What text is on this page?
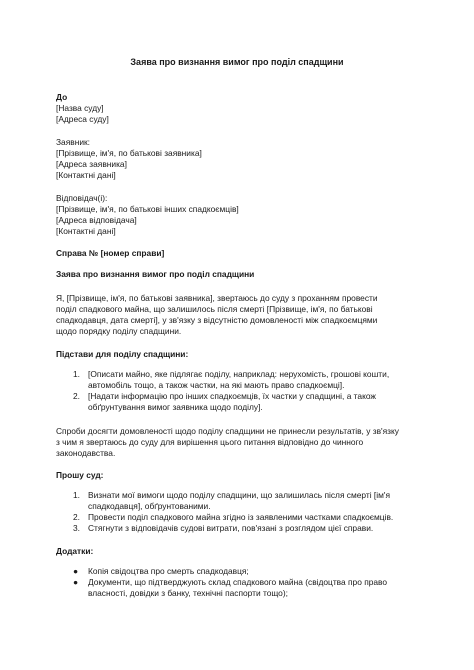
Заява про визнання вимог про поділ спадщини
До
[Назва суду]
[Адреса суду]
Заявник:
[Прізвище, ім'я, по батькові заявника]
[Адреса заявника]
[Контактні дані]
Відповідач(і):
[Прізвище, ім'я, по батькові інших спадкоємців]
[Адреса відповідача]
[Контактні дані]
Справа № [номер справи]
Заява про визнання вимог про поділ спадщини
Я, [Прізвище, ім'я, по батькові заявника], звертаюсь до суду з проханням провести
поділ спадкового майна, що залишилось після смерті [Прізвище, ім'я, по батькові
спадкодавця, дата смерті], у зв'язку з відсутністю домовленості між спадкоємцями
щодо порядку поділу спадщини.
Підстави для поділу спадщини:
1. [Описати майно, яке підлягає поділу, наприклад: нерухомість, грошові кошти,
автомобіль тощо, а також частки, на які мають право спадкоємці].
2. [Надати інформацію про інших спадкоємців, їх частки у спадщині, а також
обґрунтування вимог заявника щодо поділу].
Спроби досягти домовленості щодо поділу спадщини не принесли результатів, у зв'язку
з чим я звертаюсь до суду для вирішення цього питання відповідно до чинного
законодавства.
Прошу суд:
1. Визнати мої вимоги щодо поділу спадщини, що залишилась після смерті [ім'я
спадкодавця], обґрунтованими.
2. Провести поділ спадкового майна згідно із заявленими частками спадкоємців.
3. Стягнути з відповідачів судові витрати, пов'язані з розглядом цієї справи.
Додатки:
● Копія свідоцтва про смерть спадкодавця;
● Документи, що підтверджують склад спадкового майна (свідоцтва про право
власності, довідки з банку, технічні паспорти тощо);
